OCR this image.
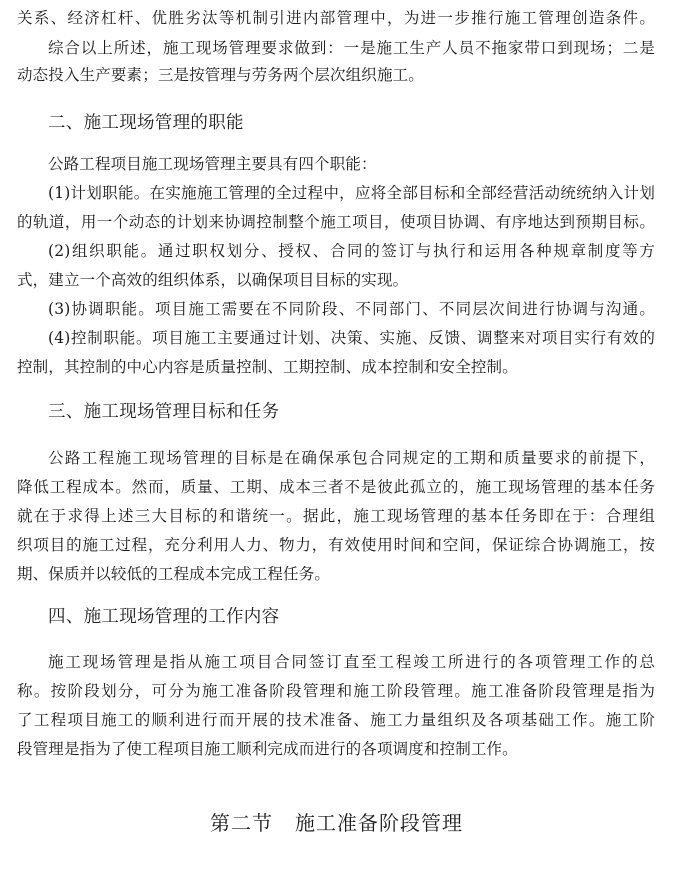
关系、经济杠杆、优胜劣汰等机制引进内部管理中，为进一步推行施工管理创造条件。
综合以上所述，施工现场管理要求做到：一是施工生产人员不拖家带口到现场；二是
动态投入生产要素；三是按管理与劳务两个层次组织施工。
二、施工现场管理的职能
公路工程项目施工现场管理主要具有四个职能：
(1)计划职能。在实施施工管理的全过程中，应将全部目标和全部经营活动统统纳入计划
的轨道，用一个动态的计划来协调控制整个施工项目，使项目协调、有序地达到预期目标。
(2)组织职能。通过职权划分、授权、合同的签订与执行和运用各种规章制度等方
式，建立一个高效的组织体系，以确保项目目标的实现。
(3)协调职能。项目施工需要在不同阶段、不同部门、不同层次间进行协调与沟通。
(4)控制职能。项目施工主要通过计划、决策、实施、反馈、调整来对项目实行有效的
控制，其控制的中心内容是质量控制、工期控制、成本控制和安全控制。
三、施工现场管理目标和任务
公路工程施工现场管理的目标是在确保承包合同规定的工期和质量要求的前提下，
降低工程成本。然而，质量、工期、成本三者不是彼此孤立的，施工现场管理的基本任务
就在于求得上述三大目标的和谐统一。据此，施工现场管理的基本任务即在于：合理组
织项目的施工过程，充分利用人力、物力，有效使用时间和空间，保证综合协调施工，按
期、保质并以较低的工程成本完成工程任务。
四、施工现场管理的工作内容
施工现场管理是指从施工项目合同签订直至工程竣工所进行的各项管理工作的总
称。按阶段划分，可分为施工准备阶段管理和施工阶段管理。施工准备阶段管理是指为
了工程项目施工的顺利进行而开展的技术准备、施工力量组织及各项基础工作。施工阶
段管理是指为了使工程项目施工顺利完成而进行的各项调度和控制工作。
第二节 施工准备阶段管理
